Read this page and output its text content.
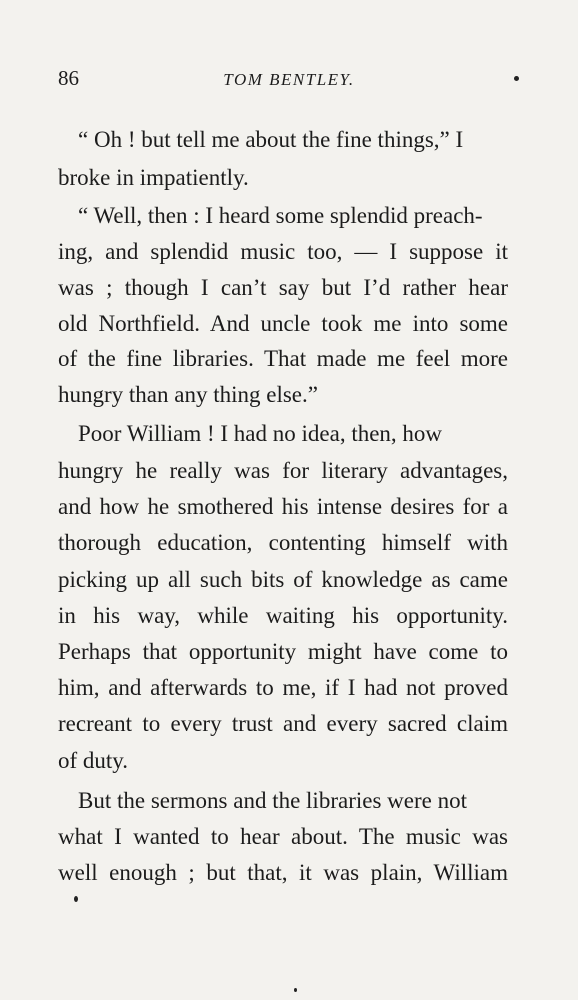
86	TOM BENTLEY.
“ Oh ! but tell me about the fine things,” I
broke in impatiently.
“ Well, then : I heard some splendid preach-
ing, and splendid music too, — I suppose it
was ; though I can’t say but I’d rather hear
old Northfield. And uncle took me into some
of the fine libraries. That made me feel more
hungry than any thing else.”
Poor William ! I had no idea, then, how
hungry he really was for literary advantages,
and how he smothered his intense desires for a
thorough education, contenting himself with
picking up all such bits of knowledge as came
in his way, while waiting his opportunity.
Perhaps that opportunity might have come to
him, and afterwards to me, if I had not proved
recreant to every trust and every sacred claim
of duty.
But the sermons and the libraries were not
what I wanted to hear about. The music was
well enough ; but that, it was plain, William
